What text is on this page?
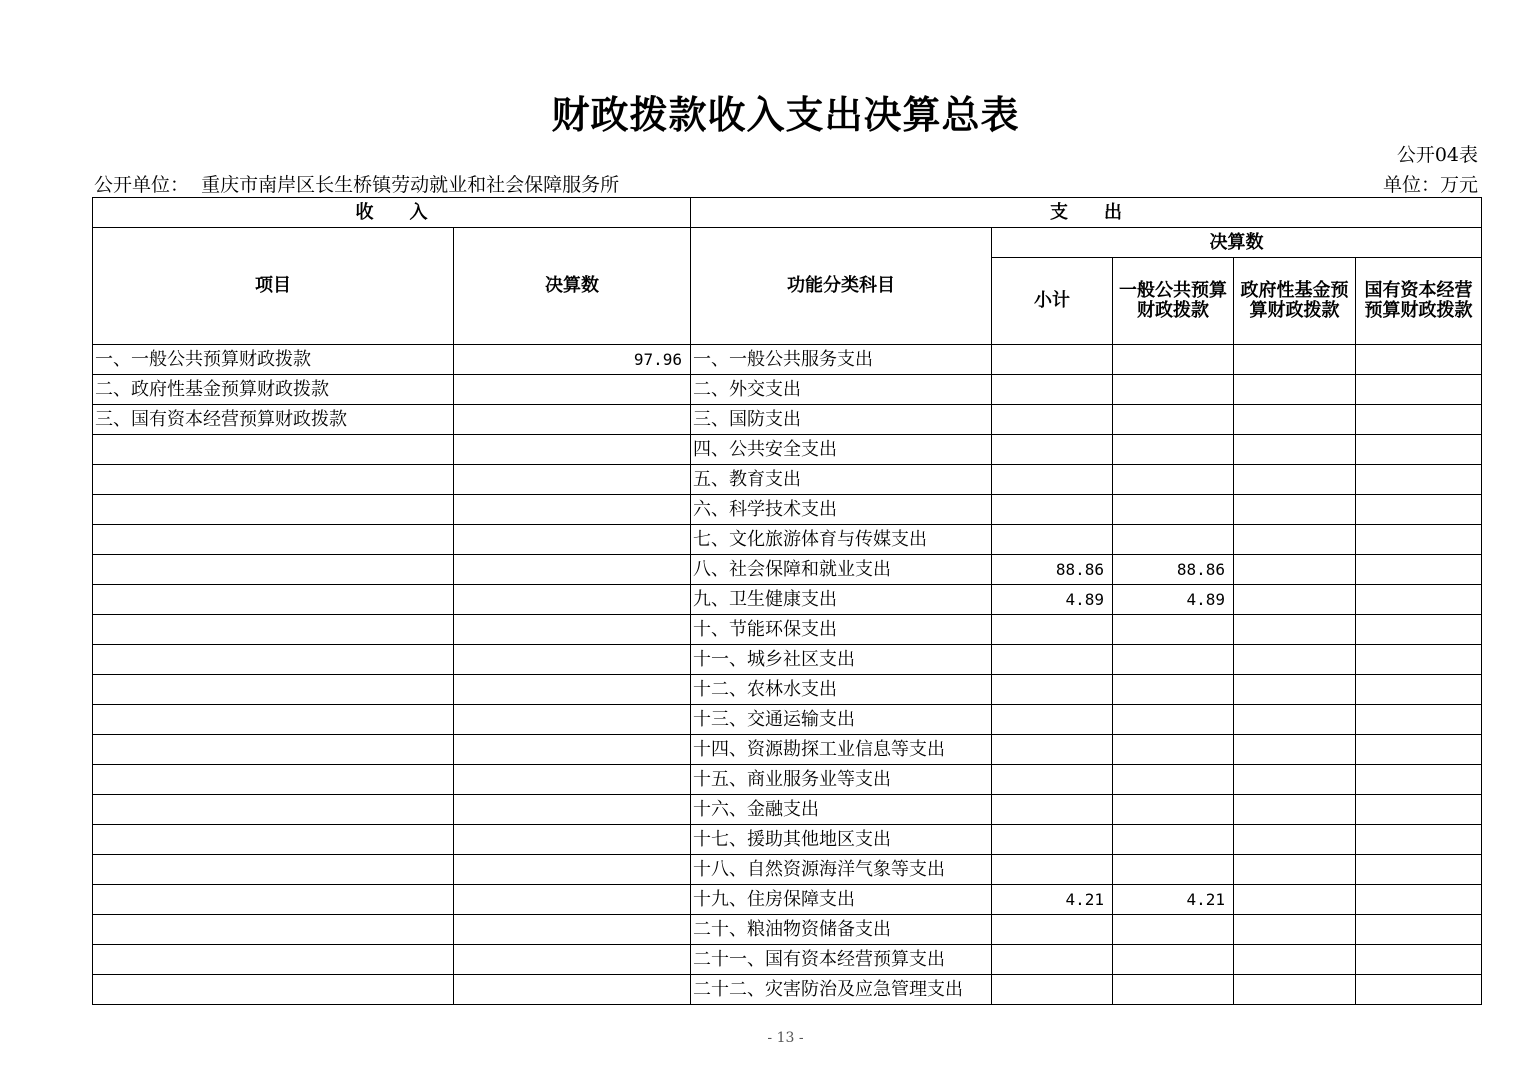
财政拨款收入支出决算总表
公开04表
公开单位： 重庆市南岸区长生桥镇劳动就业和社会保障服务所	单位：万元
收　　入		支　　出				
项目	决算数	功能分类科目	决算数			
			小计	一般公共预算财政拨款	政府性基金预算财政拨款	国有资本经营预算财政拨款
一、一般公共预算财政拨款	97.96	一、一般公共服务支出				
二、政府性基金预算财政拨款		二、外交支出				
三、国有资本经营预算财政拨款		三、国防支出				
		四、公共安全支出				
		五、教育支出				
		六、科学技术支出				
		七、文化旅游体育与传媒支出				
		八、社会保障和就业支出	88.86	88.86		
		九、卫生健康支出	4.89	4.89		
		十、节能环保支出				
		十一、城乡社区支出				
		十二、农林水支出				
		十三、交通运输支出				
		十四、资源勘探工业信息等支出				
		十五、商业服务业等支出				
		十六、金融支出				
		十七、援助其他地区支出				
		十八、自然资源海洋气象等支出				
		十九、住房保障支出	4.21	4.21		
		二十、粮油物资储备支出				
		二十一、国有资本经营预算支出				
		二十二、灾害防治及应急管理支出				
- 13 -
